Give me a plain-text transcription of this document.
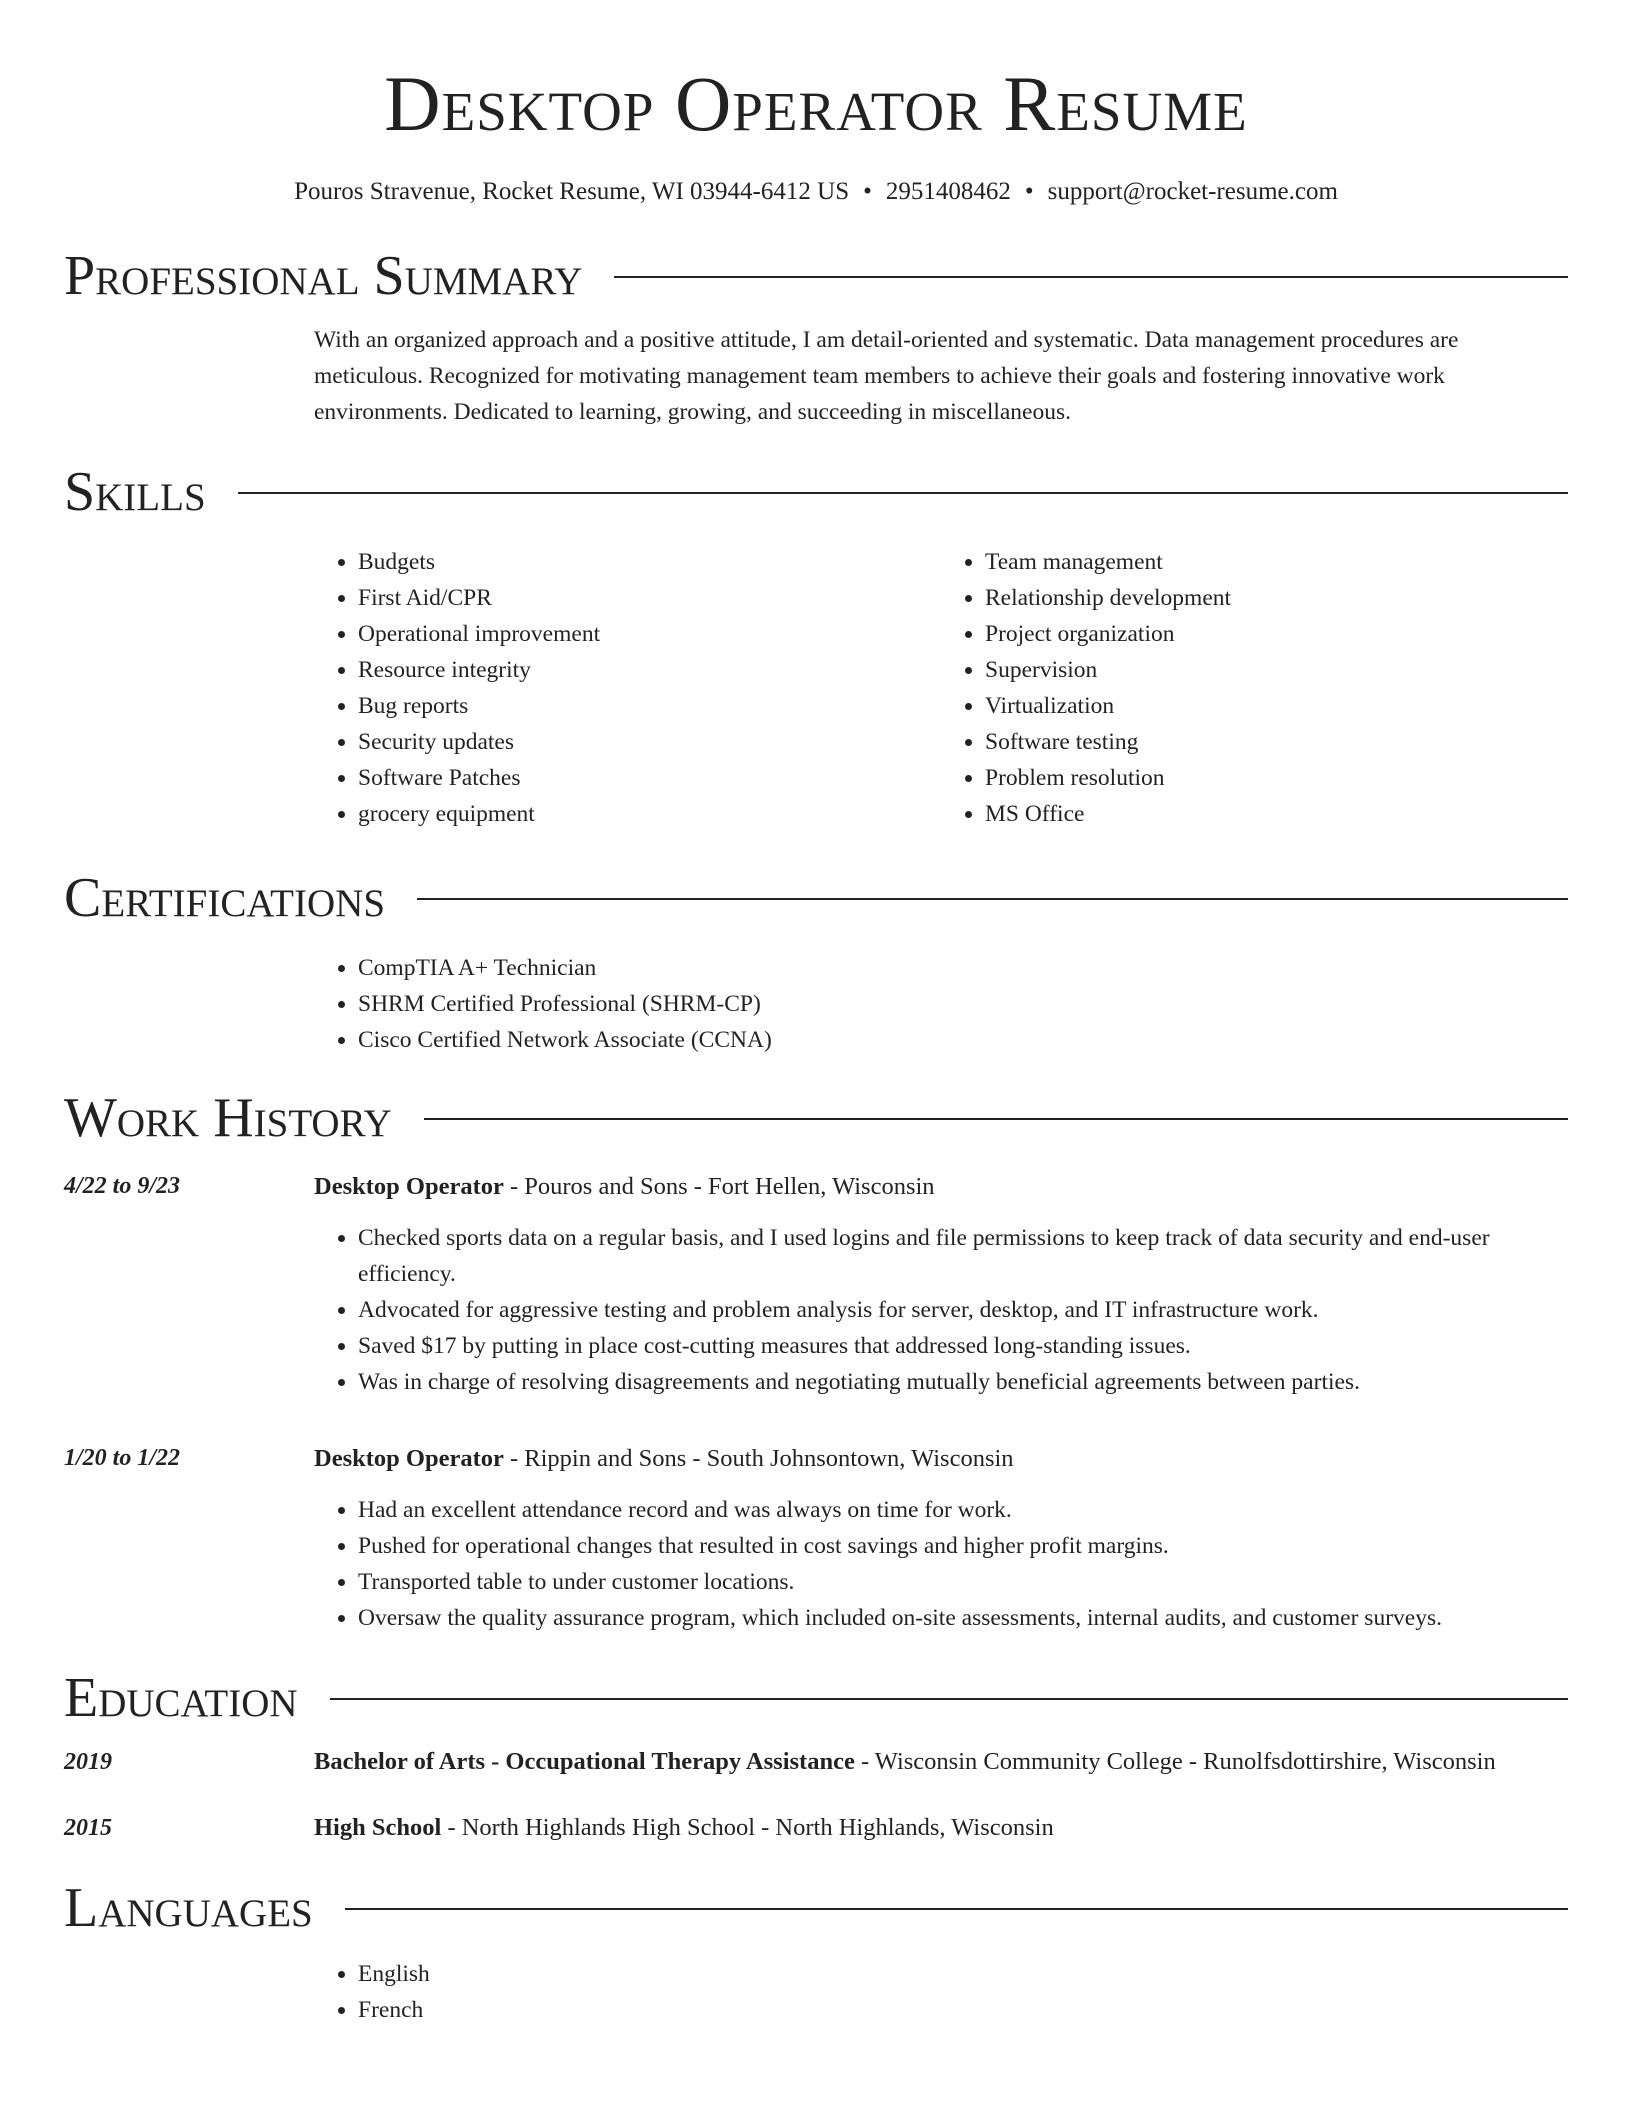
Desktop Operator Resume
Pouros Stravenue, Rocket Resume, WI 03944-6412 US • 2951408462 • support@rocket-resume.com
Professional Summary
With an organized approach and a positive attitude, I am detail-oriented and systematic. Data management procedures are meticulous. Recognized for motivating management team members to achieve their goals and fostering innovative work environments. Dedicated to learning, growing, and succeeding in miscellaneous.
Skills
• Budgets
• First Aid/CPR
• Operational improvement
• Resource integrity
• Bug reports
• Security updates
• Software Patches
• grocery equipment
• Team management
• Relationship development
• Project organization
• Supervision
• Virtualization
• Software testing
• Problem resolution
• MS Office
Certifications
• CompTIA A+ Technician
• SHRM Certified Professional (SHRM-CP)
• Cisco Certified Network Associate (CCNA)
Work History
4/22 to 9/23	Desktop Operator - Pouros and Sons - Fort Hellen, Wisconsin
• Checked sports data on a regular basis, and I used logins and file permissions to keep track of data security and end-user efficiency.
• Advocated for aggressive testing and problem analysis for server, desktop, and IT infrastructure work.
• Saved $17 by putting in place cost-cutting measures that addressed long-standing issues.
• Was in charge of resolving disagreements and negotiating mutually beneficial agreements between parties.
1/20 to 1/22	Desktop Operator - Rippin and Sons - South Johnsontown, Wisconsin
• Had an excellent attendance record and was always on time for work.
• Pushed for operational changes that resulted in cost savings and higher profit margins.
• Transported table to under customer locations.
• Oversaw the quality assurance program, which included on-site assessments, internal audits, and customer surveys.
Education
2019	Bachelor of Arts - Occupational Therapy Assistance - Wisconsin Community College - Runolfsdottirshire, Wisconsin
2015	High School - North Highlands High School - North Highlands, Wisconsin
Languages
• English
• French
